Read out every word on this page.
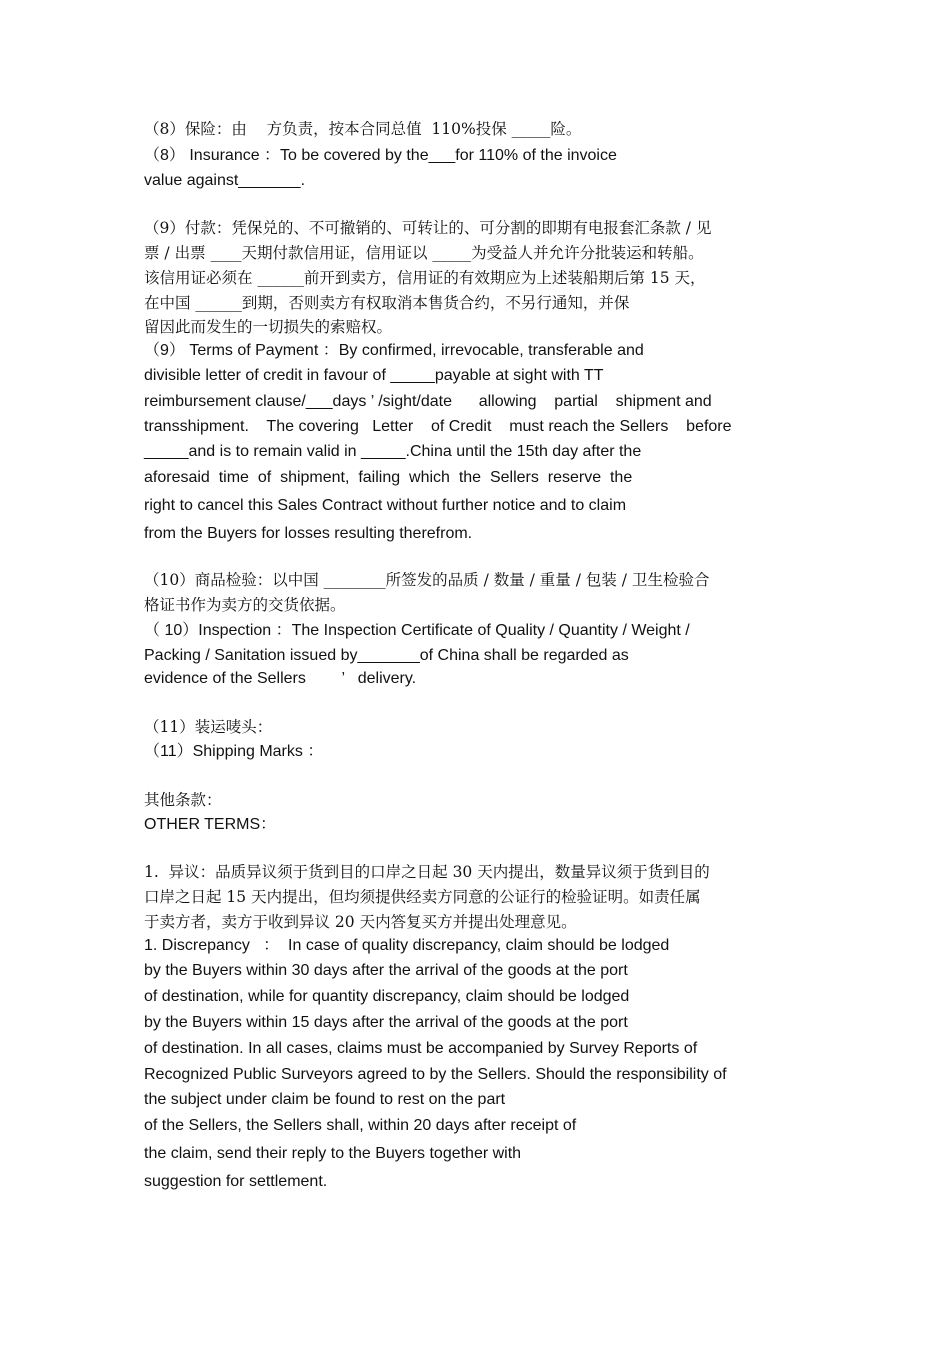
（8）保险：由    方负责，按本合同总值  110%投保 _____险。
（8） Insurance ：To be covered by the___for 110% of the invoice
value against_______.
（9）付款：凭保兑的、不可撤销的、可转让的、可分割的即期有电报套汇条款 / 见
票 / 出票 ____天期付款信用证，信用证以 _____为受益人并允许分批装运和转船。
该信用证必须在 ______前开到卖方，信用证的有效期应为上述装船期后第 15 天，
在中国 ______到期，否则卖方有权取消本售货合约，不另行通知，并保
留因此而发生的一切损失的索赔权。
（9） Terms of Payment ：By confirmed, irrevocable, transferable and
divisible letter of credit in favour of _____payable at sight with TT
reimbursement clause/___days ’ /sight/date      allowing    partial    shipment and
transshipment.    The covering   Letter    of Credit    must reach the Sellers    before
_____and is to remain valid in _____.China until the 15th day after the
aforesaid  time  of  shipment,  failing  which  the  Sellers  reserve  the
right to cancel this Sales Contract without further notice and to claim
from the Buyers for losses resulting therefrom.
（10）商品检验：以中国 ________所签发的品质 / 数量 / 重量 / 包装 / 卫生检验合
格证书作为卖方的交货依据。
（ 10）Inspection ：The Inspection Certificate of Quality / Quantity / Weight /
Packing / Sanitation issued by_______of China shall be regarded as
evidence of the Sellers        ’   delivery.
（11）装运唛头：
（11）Shipping Marks ：
其他条款：
OTHER TERMS：
1.  异议：品质异议须于货到目的口岸之日起 30 天内提出，数量异议须于货到目的
口岸之日起 15 天内提出，但均须提供经卖方同意的公证行的检验证明。如责任属
于卖方者，卖方于收到异议 20 天内答复买方并提出处理意见。
1. Discrepancy   ：  In case of quality discrepancy, claim should be lodged
by the Buyers within 30 days after the arrival of the goods at the port
of destination, while for quantity discrepancy, claim should be lodged
by the Buyers within 15 days after the arrival of the goods at the port
of destination. In all cases, claims must be accompanied by Survey Reports of
Recognized Public Surveyors agreed to by the Sellers. Should the responsibility of
the subject under claim be found to rest on the part
of the Sellers, the Sellers shall, within 20 days after receipt of
the claim, send their reply to the Buyers together with
suggestion for settlement.
